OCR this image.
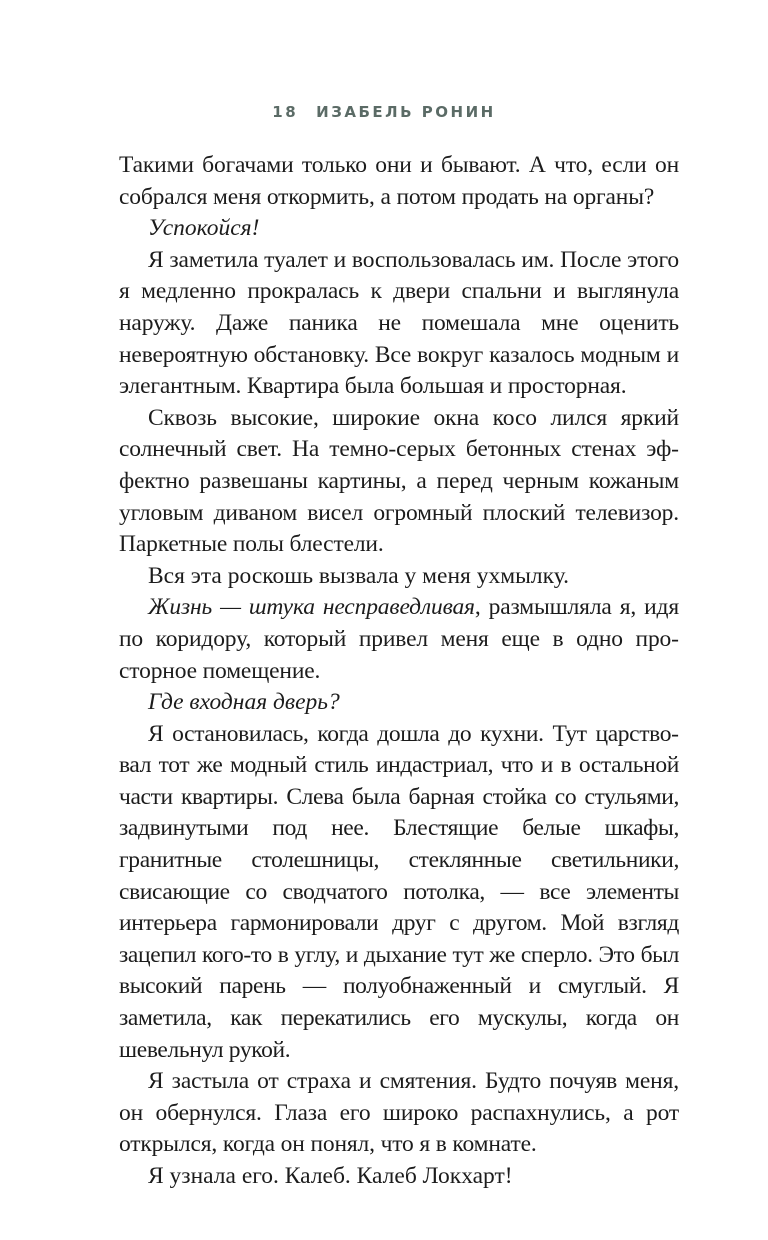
18 ИЗАБЕЛЬ РОНИН

Такими богачами только они и бывают. А что, если он собрался меня откормить, а потом продать на органы?

Успокойся!

Я заметила туалет и воспользовалась им. После этого я медленно прокралась к двери спальни и выглянула наружу. Даже паника не помешала мне оценить невероятную обстановку. Все вокруг казалось модным и элегантным. Квартира была большая и просторная.

Сквозь высокие, широкие окна косо лился яркий солнечный свет. На темно-серых бетонных стенах эффектно развешаны картины, а перед черным кожаным угловым диваном висел огромный плоский телевизор. Паркетные полы блестели.

Вся эта роскошь вызвала у меня ухмылку.

Жизнь — штука несправедливая, размышляла я, идя по коридору, который привел меня еще в одно просторное помещение.

Где входная дверь?

Я остановилась, когда дошла до кухни. Тут царствовал тот же модный стиль индастриал, что и в остальной части квартиры. Слева была барная стойка со стульями, задвинутыми под нее. Блестящие белые шкафы, гранитные столешницы, стеклянные светильники, свисающие со сводчатого потолка, — все элементы интерьера гармонировали друг с другом. Мой взгляд зацепил кого-то в углу, и дыхание тут же сперло. Это был высокий парень — полуобнаженный и смуглый. Я заметила, как перекатились его мускулы, когда он шевельнул рукой.

Я застыла от страха и смятения. Будто почуяв меня, он обернулся. Глаза его широко распахнулись, а рот открылся, когда он понял, что я в комнате.

Я узнала его. Калеб. Калеб Локхарт!
